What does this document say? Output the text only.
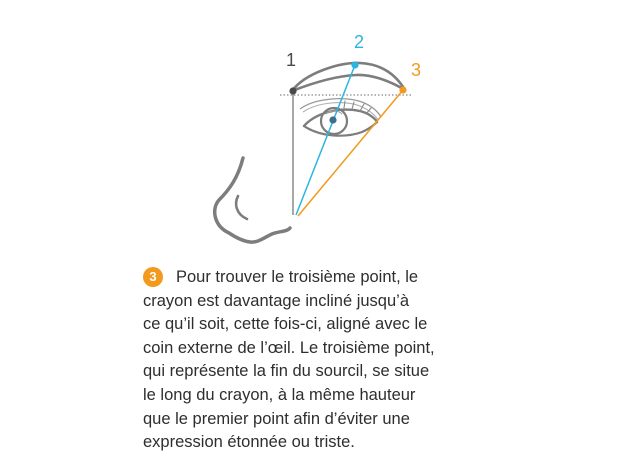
1
2
3
3 Pour trouver le troisième point, le
crayon est davantage incliné jusqu’à
ce qu’il soit, cette fois-ci, aligné avec le
coin externe de l’œil. Le troisième point,
qui représente la fin du sourcil, se situe
le long du crayon, à la même hauteur
que le premier point afin d’éviter une
expression étonnée ou triste.
